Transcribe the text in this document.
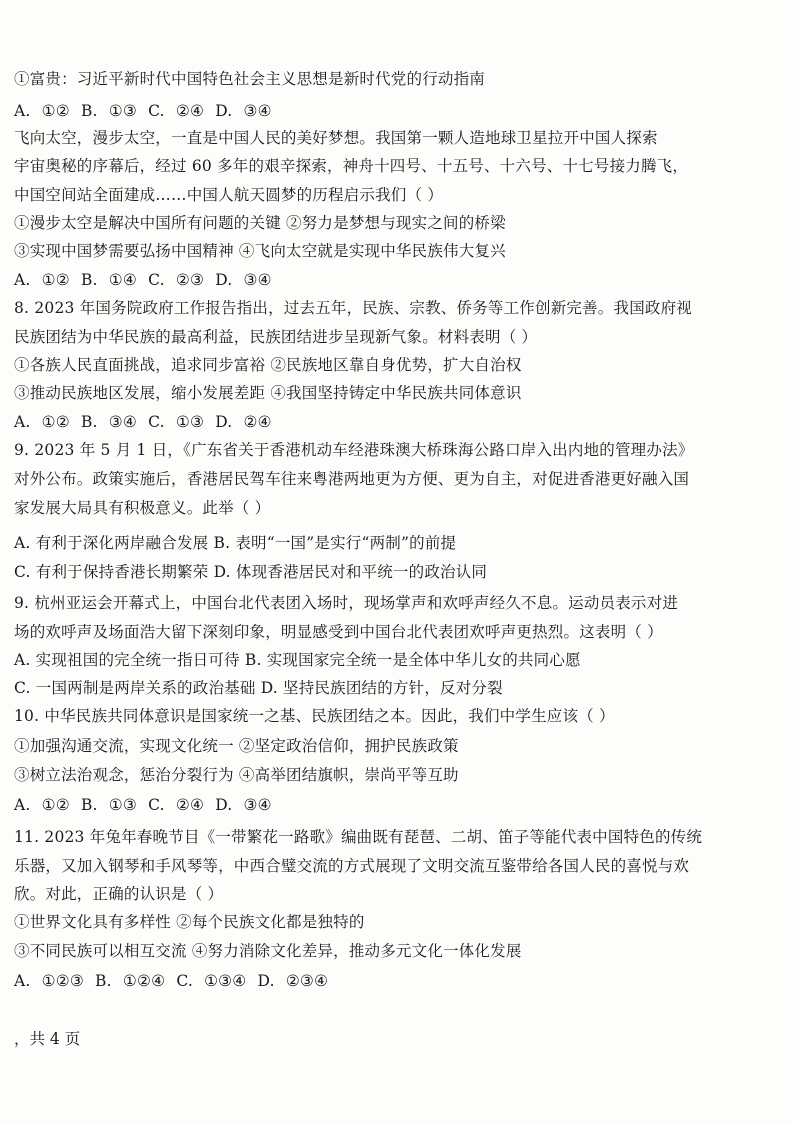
①富贵：习近平新时代中国特色社会主义思想是新时代党的行动指南
A. ①② B. ①③ C. ②④ D. ③④
飞向太空，漫步太空，一直是中国人民的美好梦想。我国第一颗人造地球卫星拉开中国人探索
宇宙奥秘的序幕后，经过 60 多年的艰辛探索，神舟十四号、十五号、十六号、十七号接力腾飞，
中国空间站全面建成……中国人航天圆梦的历程启示我们（ ）
①漫步太空是解决中国所有问题的关键 ②努力是梦想与现实之间的桥梁
③实现中国梦需要弘扬中国精神 ④飞向太空就是实现中华民族伟大复兴
A. ①② B. ①④ C. ②③ D. ③④
8. 2023 年国务院政府工作报告指出，过去五年，民族、宗教、侨务等工作创新完善。我国政府视
民族团结为中华民族的最高利益，民族团结进步呈现新气象。材料表明（ ）
①各族人民直面挑战，追求同步富裕 ②民族地区靠自身优势，扩大自治权
③推动民族地区发展，缩小发展差距 ④我国坚持铸定中华民族共同体意识
A. ①② B. ③④ C. ①③ D. ②④
9. 2023 年 5 月 1 日，《广东省关于香港机动车经港珠澳大桥珠海公路口岸入出内地的管理办法》
对外公布。政策实施后，香港居民驾车往来粤港两地更为方便、更为自主，对促进香港更好融入国
家发展大局具有积极意义。此举（ ）
A. 有利于深化两岸融合发展 B. 表明“一国”是实行“两制”的前提
C. 有利于保持香港长期繁荣 D. 体现香港居民对和平统一的政治认同
9. 杭州亚运会开幕式上，中国台北代表团入场时，现场掌声和欢呼声经久不息。运动员表示对进
场的欢呼声及场面浩大留下深刻印象，明显感受到中国台北代表团欢呼声更热烈。这表明（ ）
A. 实现祖国的完全统一指日可待 B. 实现国家完全统一是全体中华儿女的共同心愿
C. 一国两制是两岸关系的政治基础 D. 坚持民族团结的方针，反对分裂
10. 中华民族共同体意识是国家统一之基、民族团结之本。因此，我们中学生应该（ ）
①加强沟通交流，实现文化统一 ②坚定政治信仰，拥护民族政策
③树立法治观念，惩治分裂行为 ④高举团结旗帜，崇尚平等互助
A. ①② B. ①③ C. ②④ D. ③④
11. 2023 年兔年春晚节目《一带繁花一路歌》编曲既有琵琶、二胡、笛子等能代表中国特色的传统
乐器，又加入钢琴和手风琴等，中西合璧交流的方式展现了文明交流互鉴带给各国人民的喜悦与欢
欣。对此，正确的认识是（ ）
①世界文化具有多样性 ②每个民族文化都是独特的
③不同民族可以相互交流 ④努力消除文化差异，推动多元文化一体化发展
A. ①②③ B. ①②④ C. ①③④ D. ②③④
，共 4 页
